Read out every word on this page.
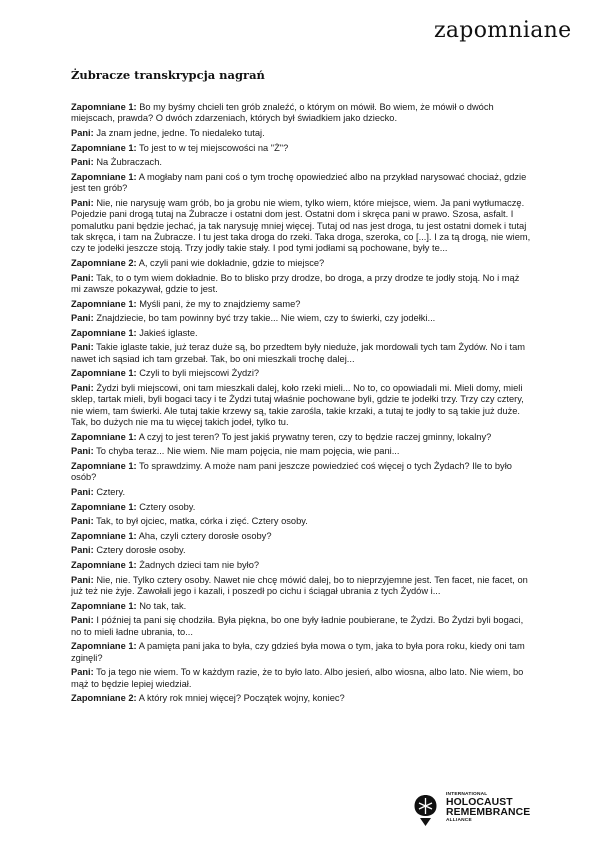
zapomniane
Żubracze transkrypcja nagrań

Zapomniane 1: Bo my byśmy chcieli ten grób znaleźć, o którym on mówił. Bo wiem, że mówił o dwóch miejscach, prawda? O dwóch zdarzeniach, których był świadkiem jako dziecko.

Pani: Ja znam jedne, jedne. To niedaleko tutaj.

Zapomniane 1: To jest to w tej miejscowości na "Ż"?

Pani: Na Żubraczach.

Zapomniane 1: A mogłaby nam pani coś o tym trochę opowiedzieć albo na przykład narysować chociaż, gdzie jest ten grób?

Pani: Nie, nie narysuję wam grób, bo ja grobu nie wiem, tylko wiem, które miejsce, wiem. Ja pani wytłumaczę. Pojedzie pani drogą tutaj na Żubracze i ostatni dom jest. Ostatni dom i skręca pani w prawo. Szosa, asfalt. I pomalutku pani będzie jechać, ja tak narysuję mniej więcej. Tutaj od nas jest droga, tu jest ostatni domek i tutaj tak skręca, i tam na Żubracze. I tu jest taka droga do rzeki. Taka droga, szeroka, co [...]. I za tą drogą, nie wiem, czy te jodełki jeszcze stoją. Trzy jodły takie stały. I pod tymi jodłami są pochowane, były te...

Zapomniane 2: A, czyli pani wie dokładnie, gdzie to miejsce?

Pani: Tak, to o tym wiem dokładnie. Bo to blisko przy drodze, bo droga, a przy drodze te jodły stoją. No i mąż mi zawsze pokazywał, gdzie to jest.

Zapomniane 1: Myśli pani, że my to znajdziemy same?

Pani: Znajdziecie, bo tam powinny być trzy takie... Nie wiem, czy to świerki, czy jodełki...

Zapomniane 1: Jakieś iglaste.

Pani: Takie iglaste takie, już teraz duże są, bo przedtem były nieduże, jak mordowali tych tam Żydów. No i tam nawet ich sąsiad ich tam grzebał. Tak, bo oni mieszkali trochę dalej...

Zapomniane 1: Czyli to byli miejscowi Żydzi?

Pani: Żydzi byli miejscowi, oni tam mieszkali dalej, koło rzeki mieli... No to, co opowiadali mi. Mieli domy, mieli sklep, tartak mieli, byli bogaci tacy i te Żydzi tutaj właśnie pochowane byli, gdzie te jodełki trzy. Trzy czy cztery, nie wiem, tam świerki. Ale tutaj takie krzewy są, takie zarośla, takie krzaki, a tutaj te jodły to są takie już duże. Tak, bo dużych nie ma tu więcej takich jodeł, tylko tu.

Zapomniane 1: A czyj to jest teren? To jest jakiś prywatny teren, czy to będzie raczej gminny, lokalny?

Pani: To chyba teraz... Nie wiem. Nie mam pojęcia, nie mam pojęcia, wie pani...

Zapomniane 1: To sprawdzimy. A może nam pani jeszcze powiedzieć coś więcej o tych Żydach? Ile to było osób?

Pani: Cztery.

Zapomniane 1: Cztery osoby.

Pani: Tak, to był ojciec, matka, córka i zięć. Cztery osoby.

Zapomniane 1: Aha, czyli cztery dorosłe osoby?

Pani: Cztery dorosłe osoby.

Zapomniane 1: Żadnych dzieci tam nie było?

Pani: Nie, nie. Tylko cztery osoby. Nawet nie chcę mówić dalej, bo to nieprzyjemne jest. Ten facet, nie facet, on już też nie żyje. Zawołali jego i kazali, i poszedł po cichu i ściągał ubrania z tych Żydów i...

Zapomniane 1: No tak, tak.

Pani: I później ta pani się chodziła. Była piękna, bo one były ładnie poubierane, te Żydzi. Bo Żydzi byli bogaci, no to mieli ładne ubrania, to...

Zapomniane 1: A pamięta pani jaka to była, czy gdzieś była mowa o tym, jaka to była pora roku, kiedy oni tam zginęli?

Pani: To ja tego nie wiem. To w każdym razie, że to było lato. Albo jesień, albo wiosna, albo lato. Nie wiem, bo mąż to będzie lepiej wiedział.

Zapomniane 2: A który rok mniej więcej? Początek wojny, koniec?

INTERNATIONAL
HOLOCAUST
REMEMBRANCE
ALLIANCE
